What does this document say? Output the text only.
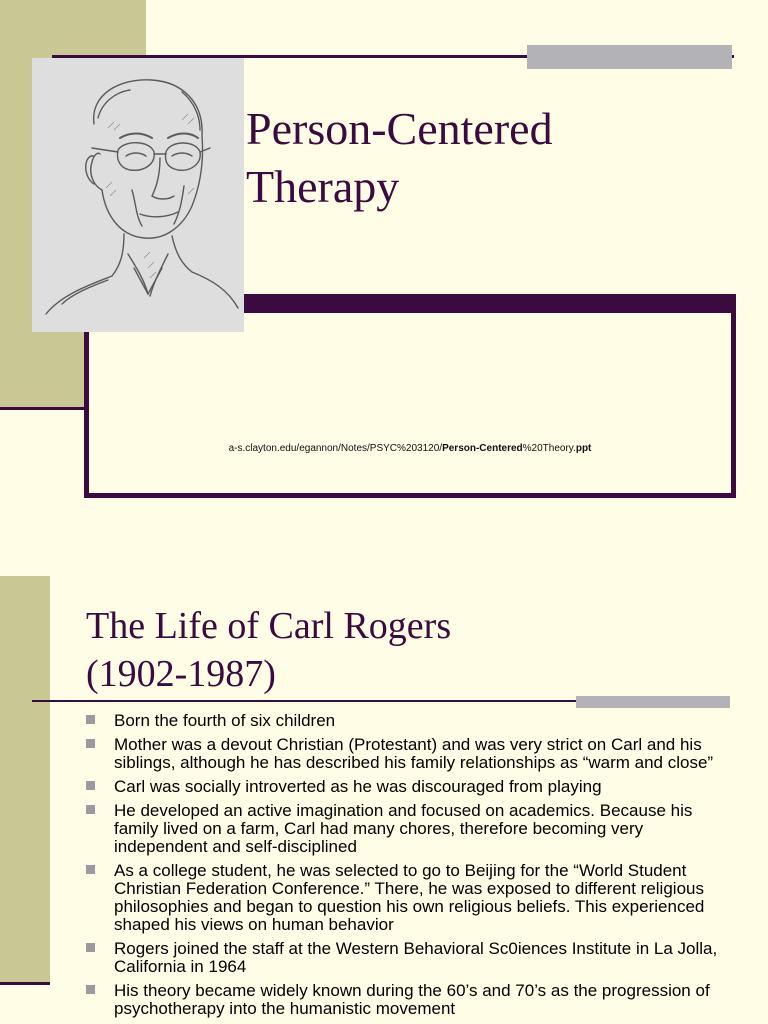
a-s.clayton.edu/egannon/Notes/PSYC%203120/Person-Centered%20Theory.ppt
Person-Centered
Therapy
The Life of Carl Rogers
(1902-1987)
Born the fourth of six children
Mother was a devout Christian (Protestant) and was very strict on Carl and his siblings, although he has described his family relationships as “warm and close”
Carl was socially introverted as he was discouraged from playing
He developed an active imagination and focused on academics. Because his family lived on a farm, Carl had many chores, therefore becoming very independent and self-disciplined
As a college student, he was selected to go to Beijing for the “World Student Christian Federation Conference.” There, he was exposed to different religious philosophies and began to question his own religious beliefs. This experienced shaped his views on human behavior
Rogers joined the staff at the Western Behavioral Sc0iences Institute in La Jolla, California in 1964
His theory became widely known during the 60’s and 70’s as the progression of psychotherapy into the humanistic movement
